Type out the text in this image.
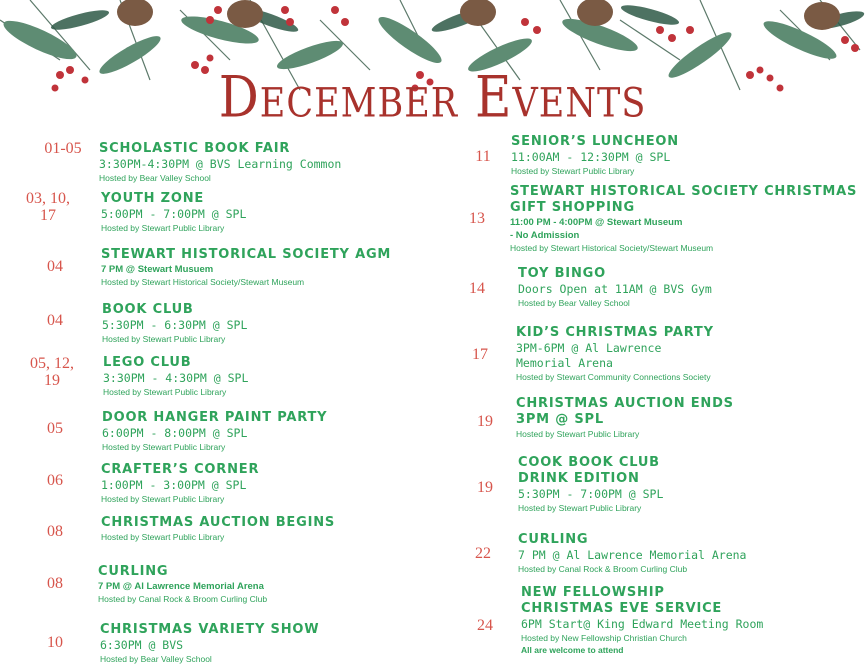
December Events
01-05	SCHOLASTIC BOOK FAIR
3:30PM-4:30PM @ BVS Learning Common
Hosted by Bear Valley School
03, 10, 17
YOUTH ZONE
5:00PM - 7:00PM @ SPL
Hosted by Stewart Public Library
04
STEWART HISTORICAL SOCIETY AGM
7 PM @ Stewart Musuem
Hosted by Stewart Historical Society/Stewart Museum
04
BOOK CLUB
5:30PM - 6:30PM @ SPL
Hosted by Stewart Public Library
05, 12, 19
LEGO CLUB
3:30PM - 4:30PM @ SPL
Hosted by Stewart Public Library
05
DOOR HANGER PAINT PARTY
6:00PM - 8:00PM @ SPL
Hosted by Stewart Public Library
06
CRAFTER’S CORNER
1:00PM - 3:00PM @ SPL
Hosted by Stewart Public Library
08
CHRISTMAS AUCTION BEGINS
Hosted by Stewart Public Library
08
CURLING
7 PM @ Al Lawrence Memorial Arena
Hosted by Canal Rock & Broom Curling Club
10
CHRISTMAS VARIETY SHOW
6:30PM @ BVS
Hosted by Bear Valley School
11
SENIOR’S LUNCHEON
11:00AM - 12:30PM @ SPL
Hosted by Stewart Public Library
13
STEWART HISTORICAL SOCIETY CHRISTMAS
GIFT SHOPPING
11:00 PM - 4:00PM @ Stewart Museum
- No Admission
Hosted by Stewart Historical Society/Stewart Museum
14
TOY BINGO
Doors Open at 11AM @ BVS Gym
Hosted by Bear Valley School
17
KID’S CHRISTMAS PARTY
3PM-6PM @ Al Lawrence
Memorial Arena
Hosted by Stewart Community Connections Society
19
CHRISTMAS AUCTION ENDS
3PM @ SPL
Hosted by Stewart Public Library
19
COOK BOOK CLUB
DRINK EDITION
5:30PM - 7:00PM @ SPL
Hosted by Stewart Public Library
22
CURLING
7 PM @ Al Lawrence Memorial Arena
Hosted by Canal Rock & Broom Curling Club
24
NEW FELLOWSHIP
CHRISTMAS EVE SERVICE
6PM Start@ King Edward Meeting Room
Hosted by New Fellowship Christian Church
All are welcome to attend
